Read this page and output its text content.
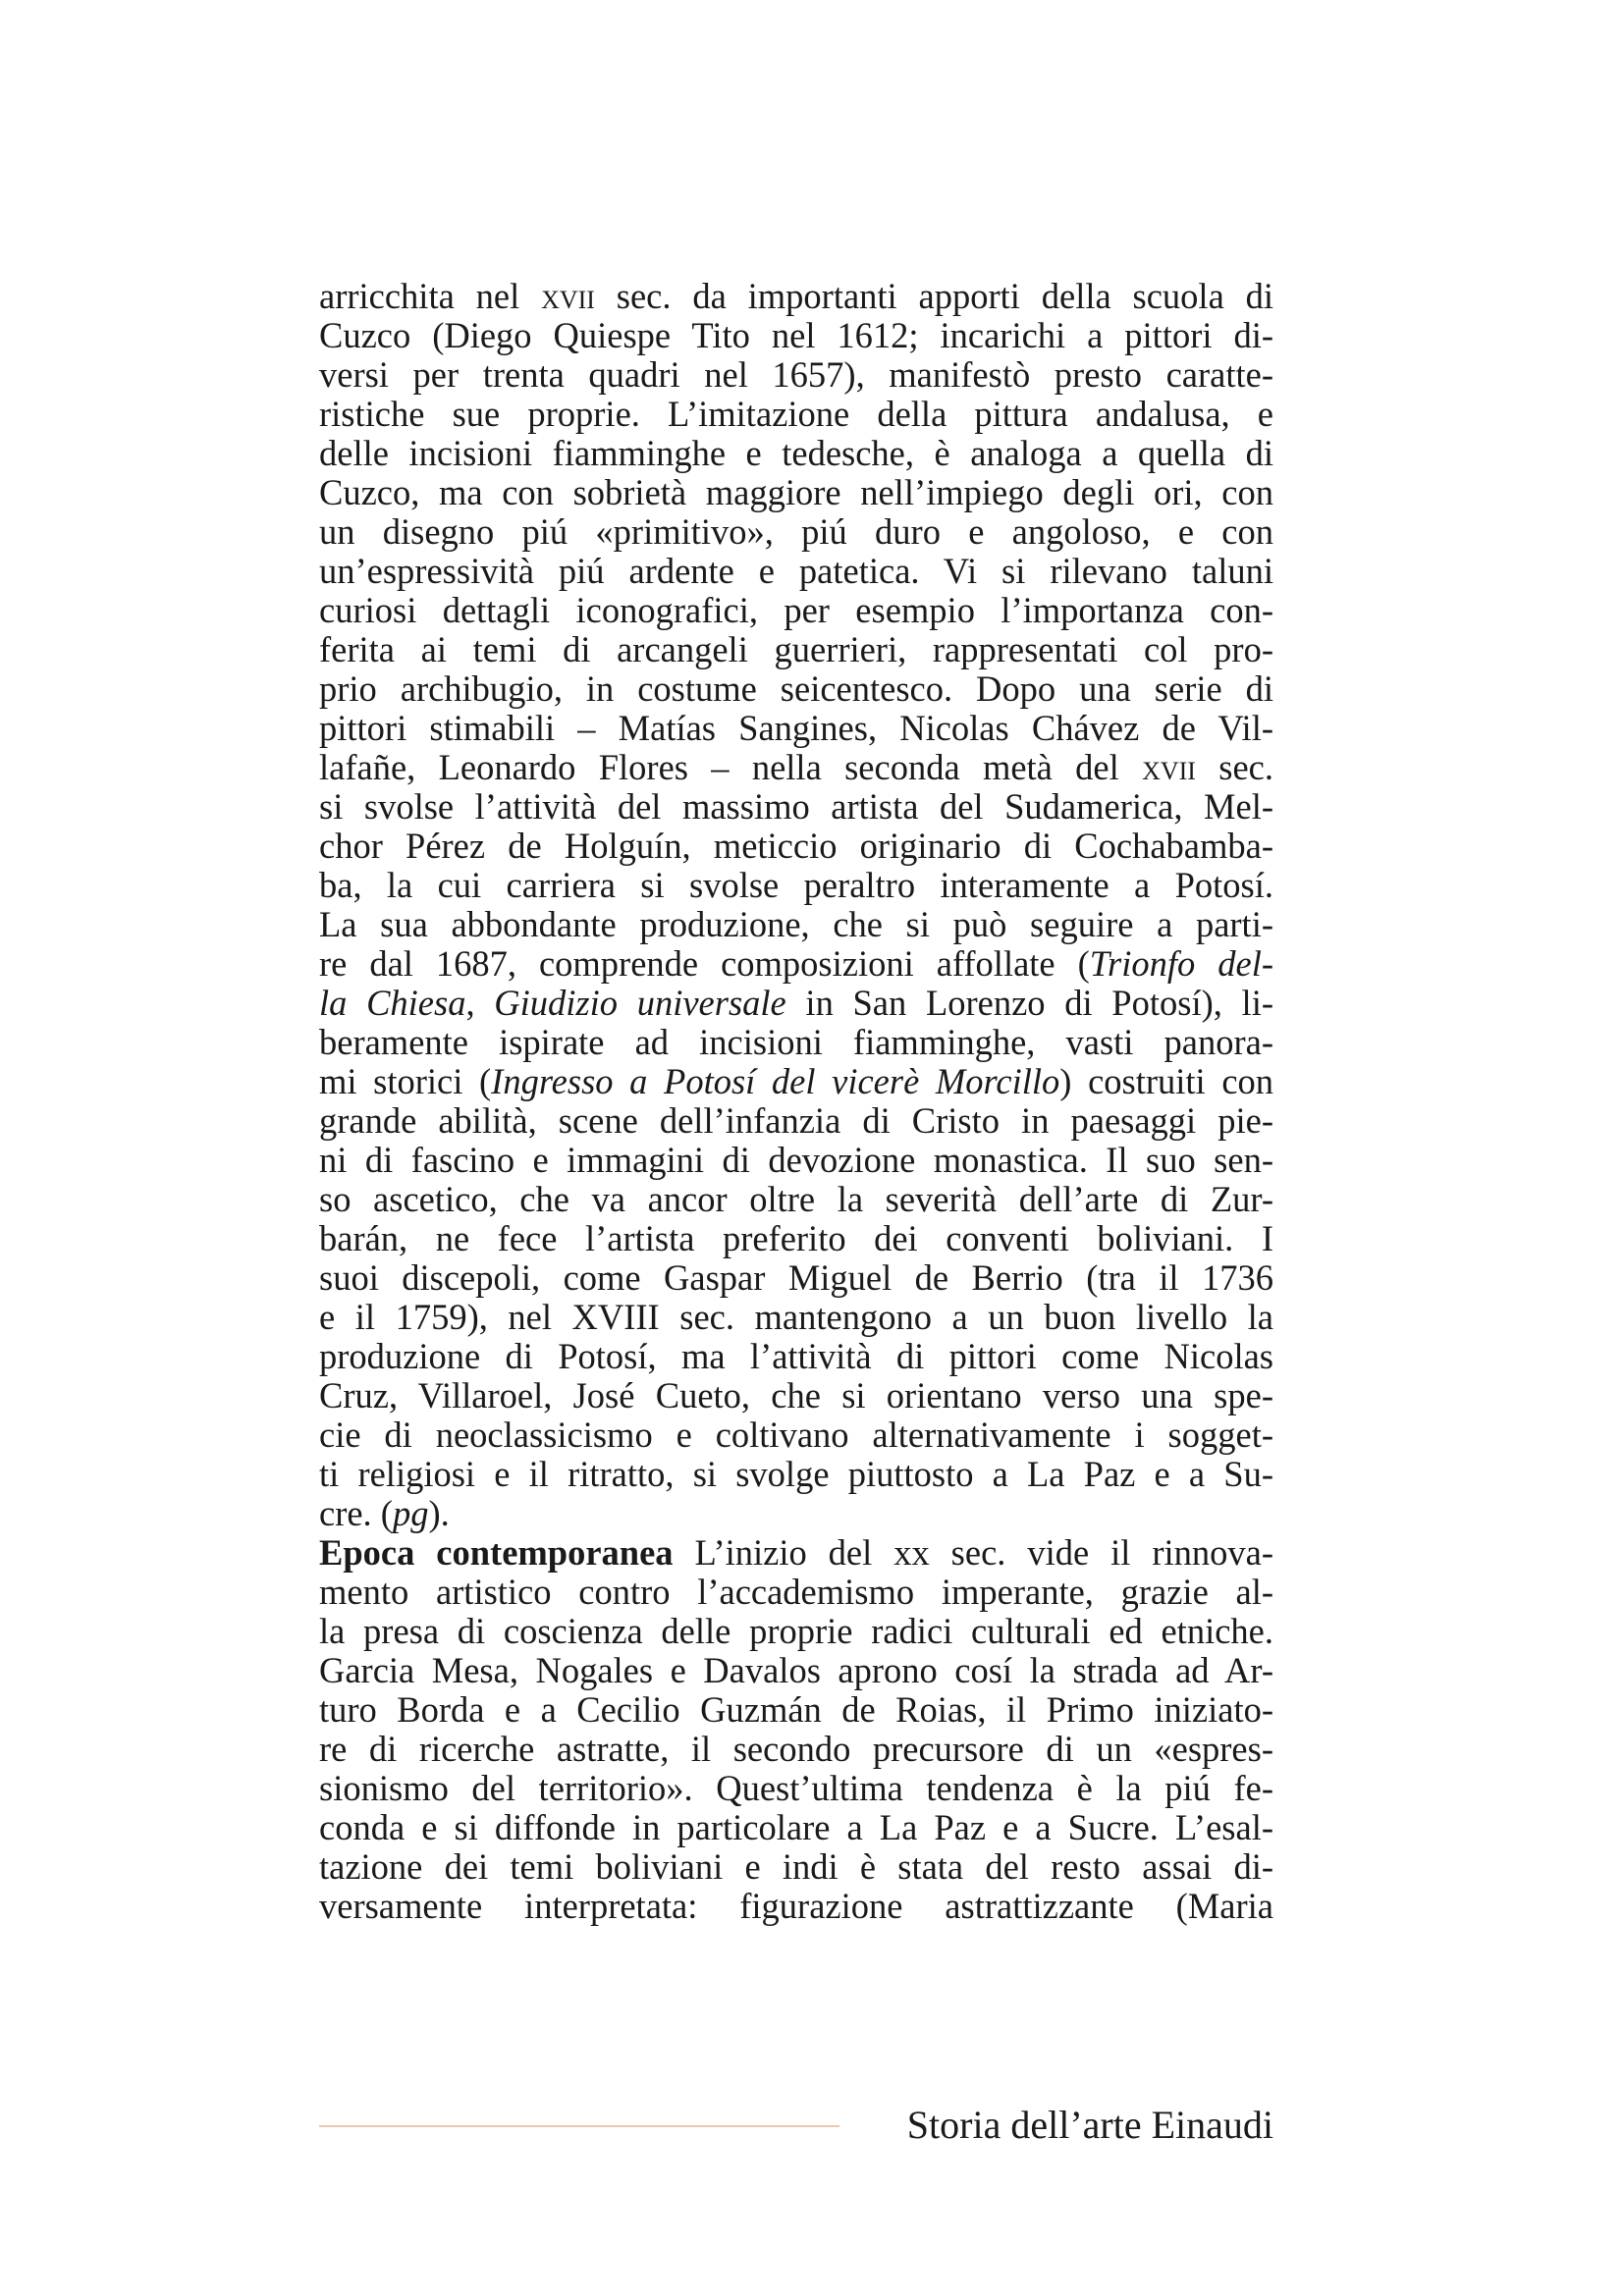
arricchita nel xvii sec. da importanti apporti della scuola di
Cuzco (Diego Quiespe Tito nel 1612; incarichi a pittori di-
versi per trenta quadri nel 1657), manifestò presto caratte-
ristiche sue proprie. L’imitazione della pittura andalusa, e
delle incisioni fiamminghe e tedesche, è analoga a quella di
Cuzco, ma con sobrietà maggiore nell’impiego degli ori, con
un disegno piú «primitivo», piú duro e angoloso, e con
un’espressività piú ardente e patetica. Vi si rilevano taluni
curiosi dettagli iconografici, per esempio l’importanza con-
ferita ai temi di arcangeli guerrieri, rappresentati col pro-
prio archibugio, in costume seicentesco. Dopo una serie di
pittori stimabili – Matías Sangines, Nicolas Chávez de Vil-
lafañe, Leonardo Flores – nella seconda metà del xvii sec.
si svolse l’attività del massimo artista del Sudamerica, Mel-
chor Pérez de Holguín, meticcio originario di Cochabamba-
ba, la cui carriera si svolse peraltro interamente a Potosí.
La sua abbondante produzione, che si può seguire a parti-
re dal 1687, comprende composizioni affollate (Trionfo del-
la Chiesa, Giudizio universale in San Lorenzo di Potosí), li-
beramente ispirate ad incisioni fiamminghe, vasti panora-
mi storici (Ingresso a Potosí del vicerè Morcillo) costruiti con
grande abilità, scene dell’infanzia di Cristo in paesaggi pie-
ni di fascino e immagini di devozione monastica. Il suo sen-
so ascetico, che va ancor oltre la severità dell’arte di Zur-
barán, ne fece l’artista preferito dei conventi boliviani. I
suoi discepoli, come Gaspar Miguel de Berrio (tra il 1736
e il 1759), nel XVIII sec. mantengono a un buon livello la
produzione di Potosí, ma l’attività di pittori come Nicolas
Cruz, Villaroel, José Cueto, che si orientano verso una spe-
cie di neoclassicismo e coltivano alternativamente i sogget-
ti religiosi e il ritratto, si svolge piuttosto a La Paz e a Su-
cre. (pg).
Epoca contemporanea L’inizio del xx sec. vide il rinnova-
mento artistico contro l’accademismo imperante, grazie al-
la presa di coscienza delle proprie radici culturali ed etniche.
Garcia Mesa, Nogales e Davalos aprono cosí la strada ad Ar-
turo Borda e a Cecilio Guzmán de Roias, il Primo iniziato-
re di ricerche astratte, il secondo precursore di un «espres-
sionismo del territorio». Quest’ultima tendenza è la piú fe-
conda e si diffonde in particolare a La Paz e a Sucre. L’esal-
tazione dei temi boliviani e indi è stata del resto assai di-
versamente interpretata: figurazione astrattizzante (Maria
Storia dell’arte Einaudi
